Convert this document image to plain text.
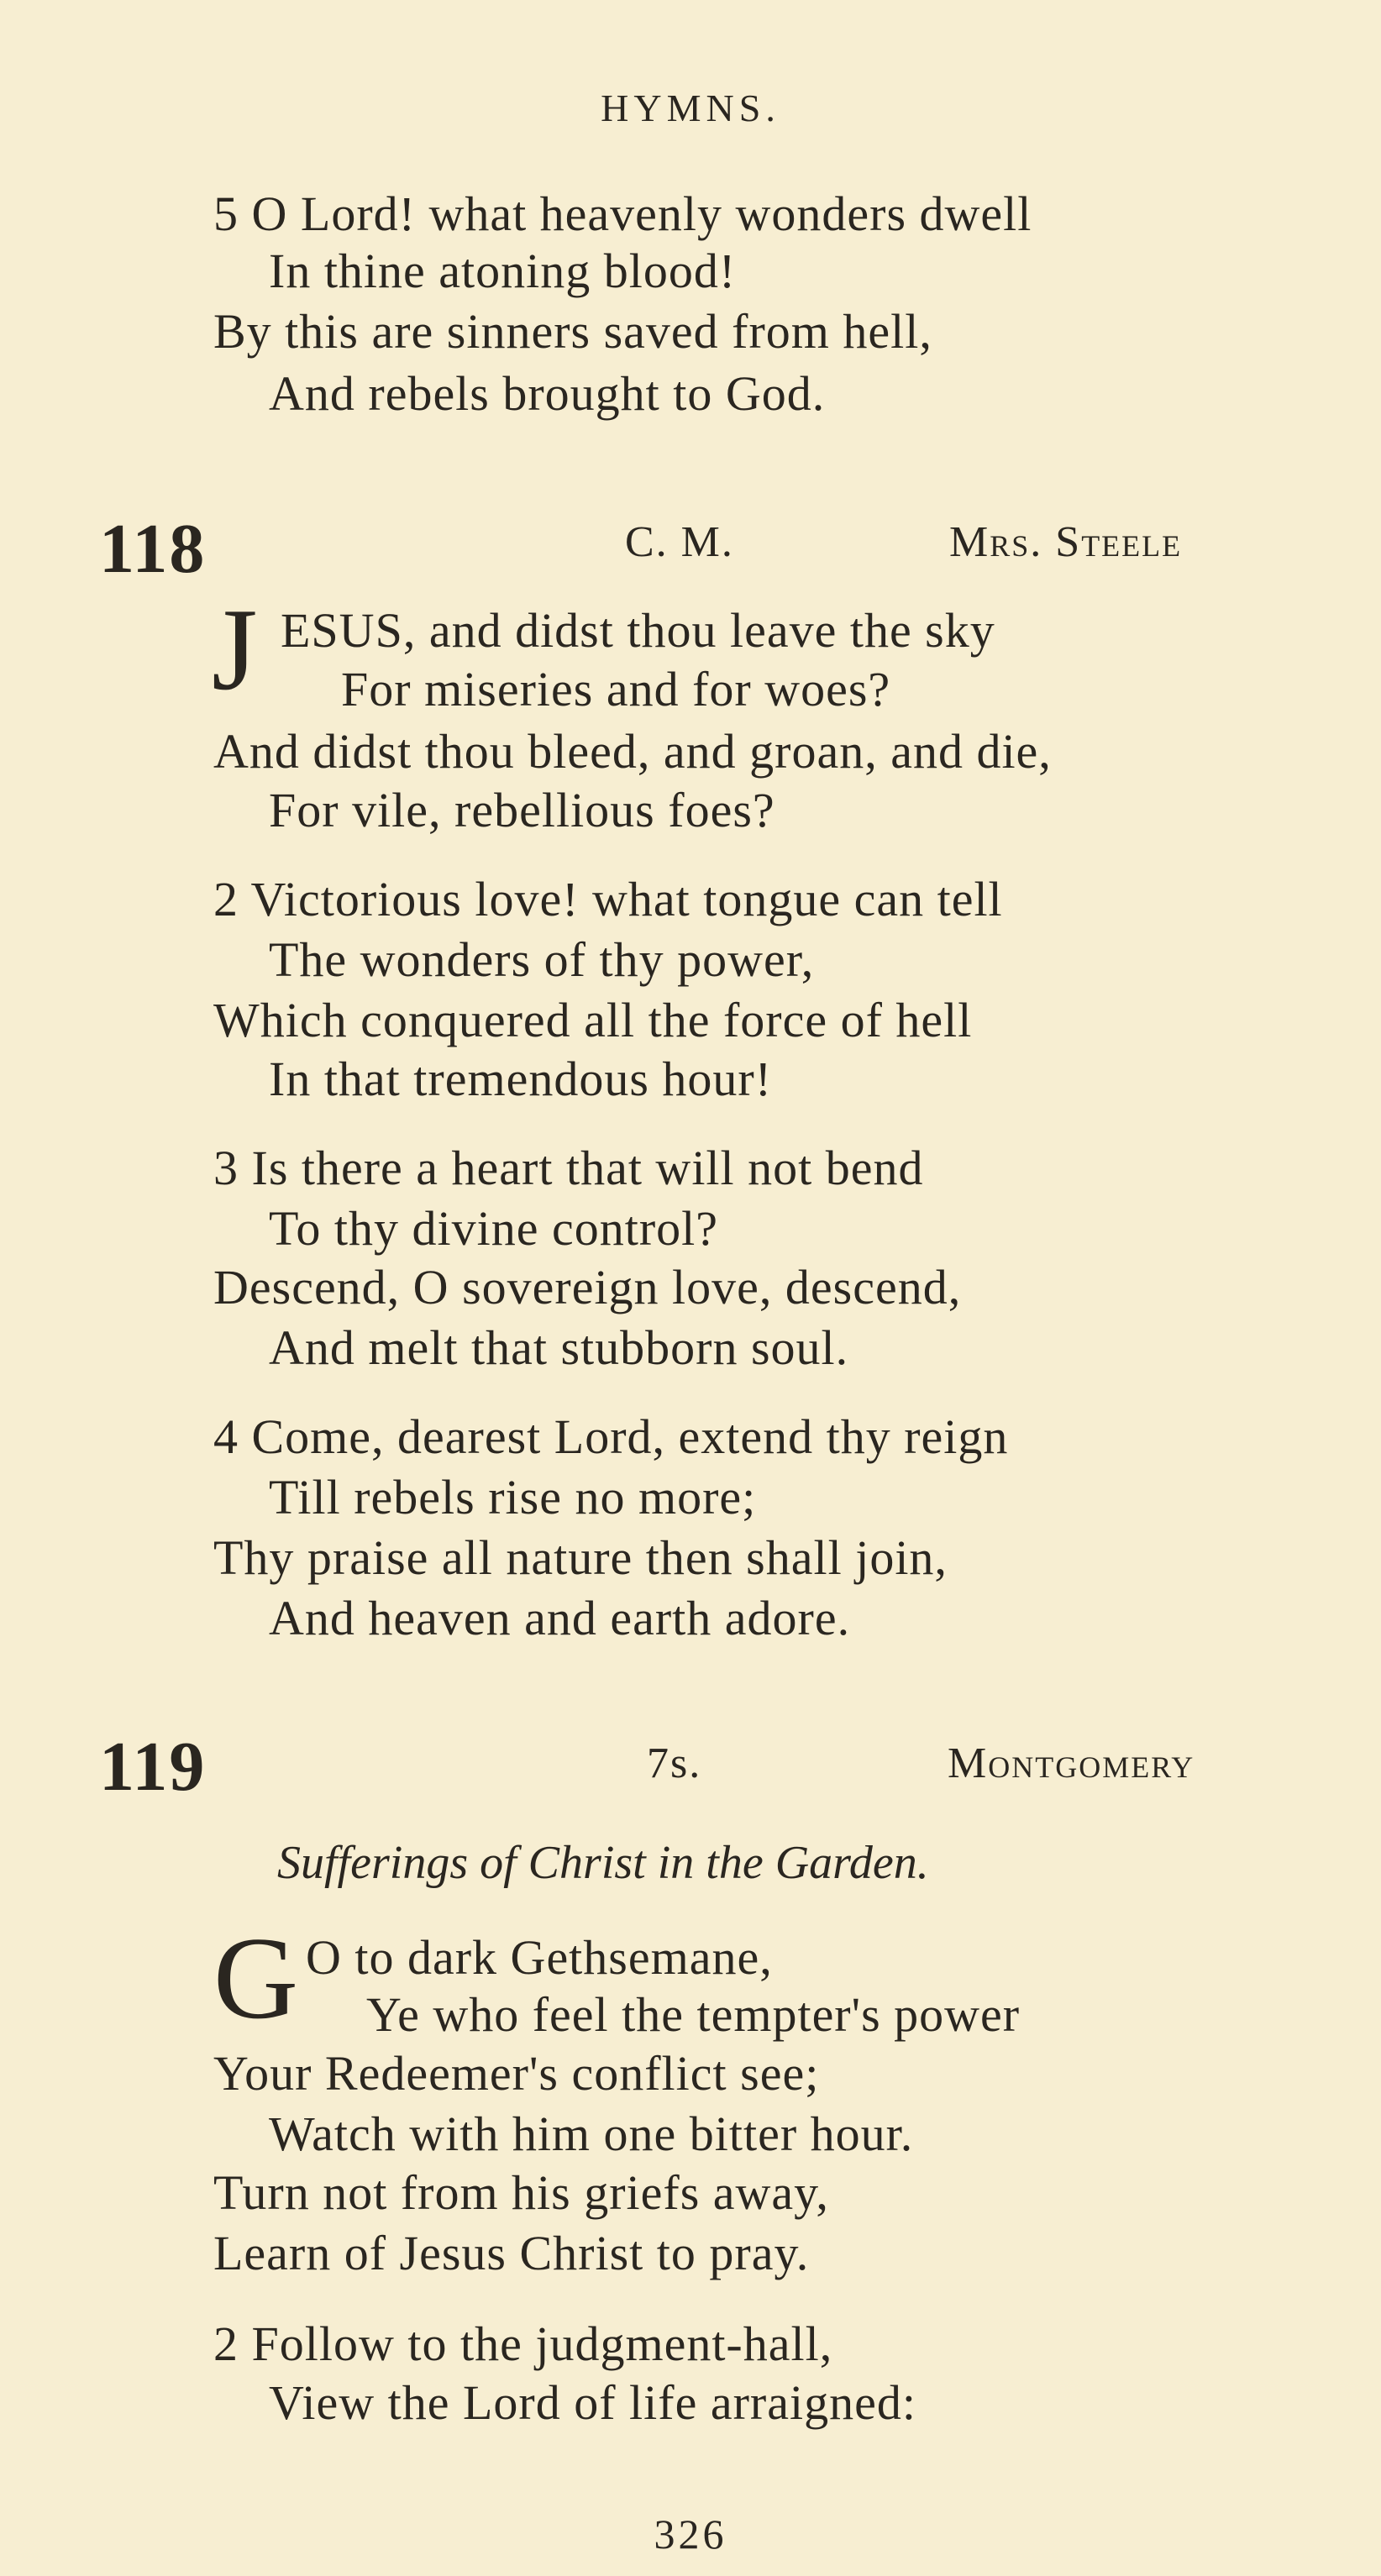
HYMNS.
5 O Lord! what heavenly wonders dwell
In thine atoning blood!
By this are sinners saved from hell,
And rebels brought to God.
118	C. M.	Mrs. Steele
J ESUS, and didst thou leave the sky
For miseries and for woes?
And didst thou bleed, and groan, and die,
For vile, rebellious foes?
2 Victorious love! what tongue can tell
The wonders of thy power,
Which conquered all the force of hell
In that tremendous hour!
3 Is there a heart that will not bend
To thy divine control?
Descend, O sovereign love, descend,
And melt that stubborn soul.
4 Come, dearest Lord, extend thy reign
Till rebels rise no more;
Thy praise all nature then shall join,
And heaven and earth adore.
119	7s.	Montgomery
Sufferings of Christ in the Garden.
G O to dark Gethsemane,
Ye who feel the tempter's power
Your Redeemer's conflict see;
Watch with him one bitter hour.
Turn not from his griefs away,
Learn of Jesus Christ to pray.
2 Follow to the judgment-hall,
View the Lord of life arraigned:
326
